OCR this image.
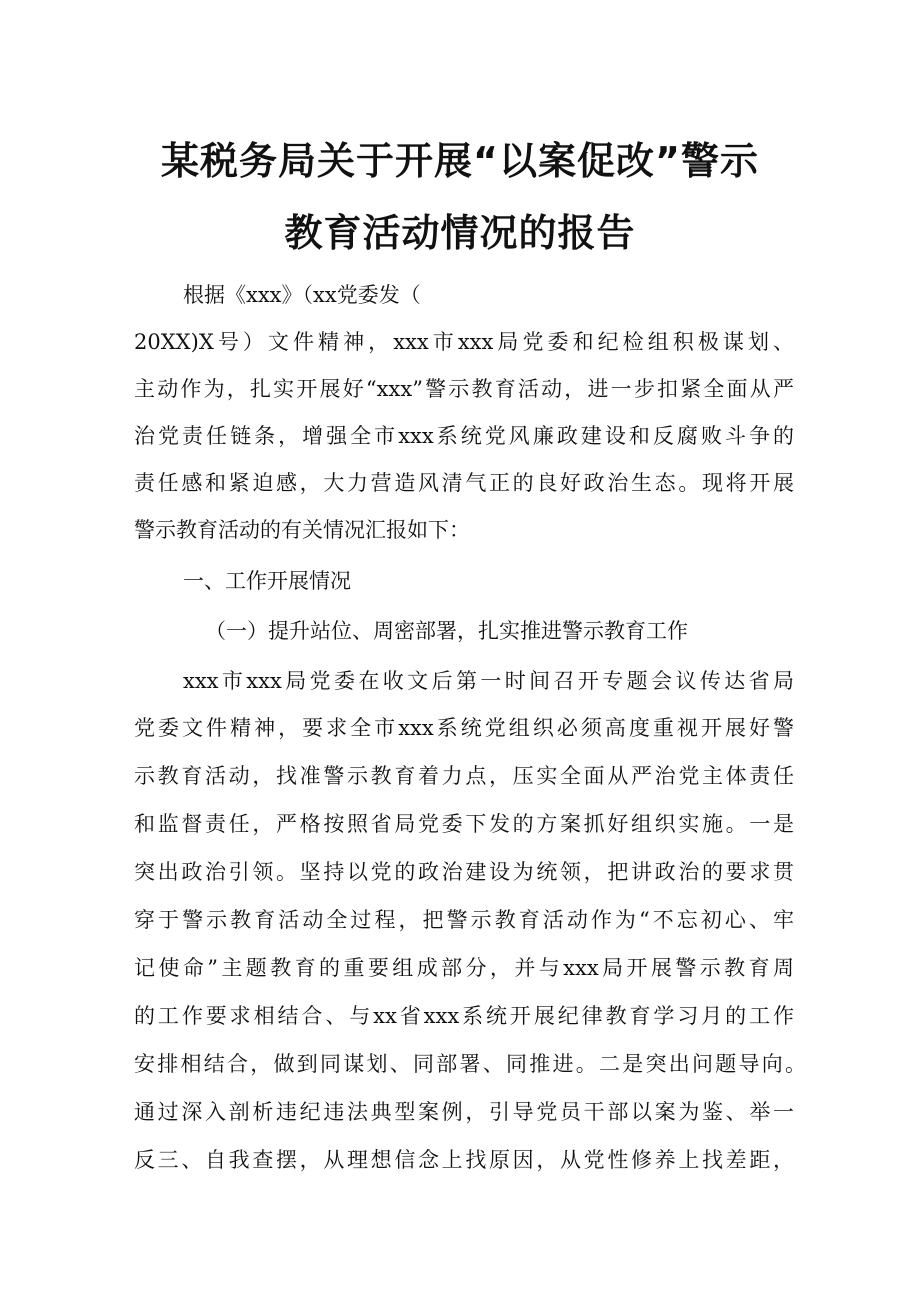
某税务局关于开展“以案促改”警示
教育活动情况的报告
根据《xxx》（xx党委发（
20XX)X号）文件精神，xxx市xxx局党委和纪检组积极谋划、
主动作为，扎实开展好“xxx”警示教育活动，进一步扣紧全面从严
治党责任链条，增强全市xxx系统党风廉政建设和反腐败斗争的
责任感和紧迫感，大力营造风清气正的良好政治生态。现将开展
警示教育活动的有关情况汇报如下：
一、工作开展情况
（一）提升站位、周密部署，扎实推进警示教育工作
xxx市xxx局党委在收文后第一时间召开专题会议传达省局
党委文件精神，要求全市xxx系统党组织必须高度重视开展好警
示教育活动，找准警示教育着力点，压实全面从严治党主体责任
和监督责任，严格按照省局党委下发的方案抓好组织实施。一是
突出政治引领。坚持以党的政治建设为统领，把讲政治的要求贯
穿于警示教育活动全过程，把警示教育活动作为“不忘初心、牢
记使命”主题教育的重要组成部分，并与xxx局开展警示教育周
的工作要求相结合、与xx省xxx系统开展纪律教育学习月的工作
安排相结合，做到同谋划、同部署、同推进。二是突出问题导向。
通过深入剖析违纪违法典型案例，引导党员干部以案为鉴、举一
反三、自我查摆，从理想信念上找原因，从党性修养上找差距，
